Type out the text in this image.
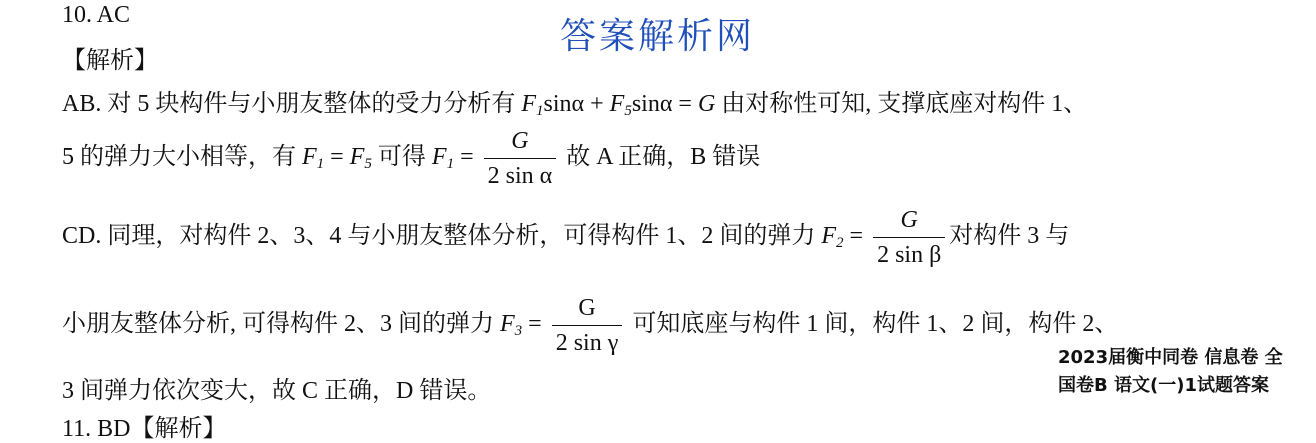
10. AC
答案解析网
【解析】
AB. 对 5 块构件与小朋友整体的受力分析有 $F_1\sin\alpha + F_5\sin\alpha = G$ 由对称性可知, 支撑底座对构件 1、
5 的弹力大小相等，有 $F_1 = F_5$ 可得 $F_1 = \frac{G}{\text{2 sin α}}$ 故 A 正确，B 错误
CD. 同理，对构件 2、3、4 与小朋友整体分析，可得构件 1、2 间的弹力 $F_2 = \frac{G}{\text{2 sin β}}$ 对构件 3 与
小朋友整体分析, 可得构件 2、3 间的弹力 $F_3 = \frac{G}{\text{2 sin γ}}$ 可知底座与构件 1 间，构件 1、2 间，构件 2、
3 间弹力依次变大，故 C 正确，D 错误。
11. BD【解析】
2023届衡中同卷 信息卷 全
国卷B 语文(一)1试题答案
